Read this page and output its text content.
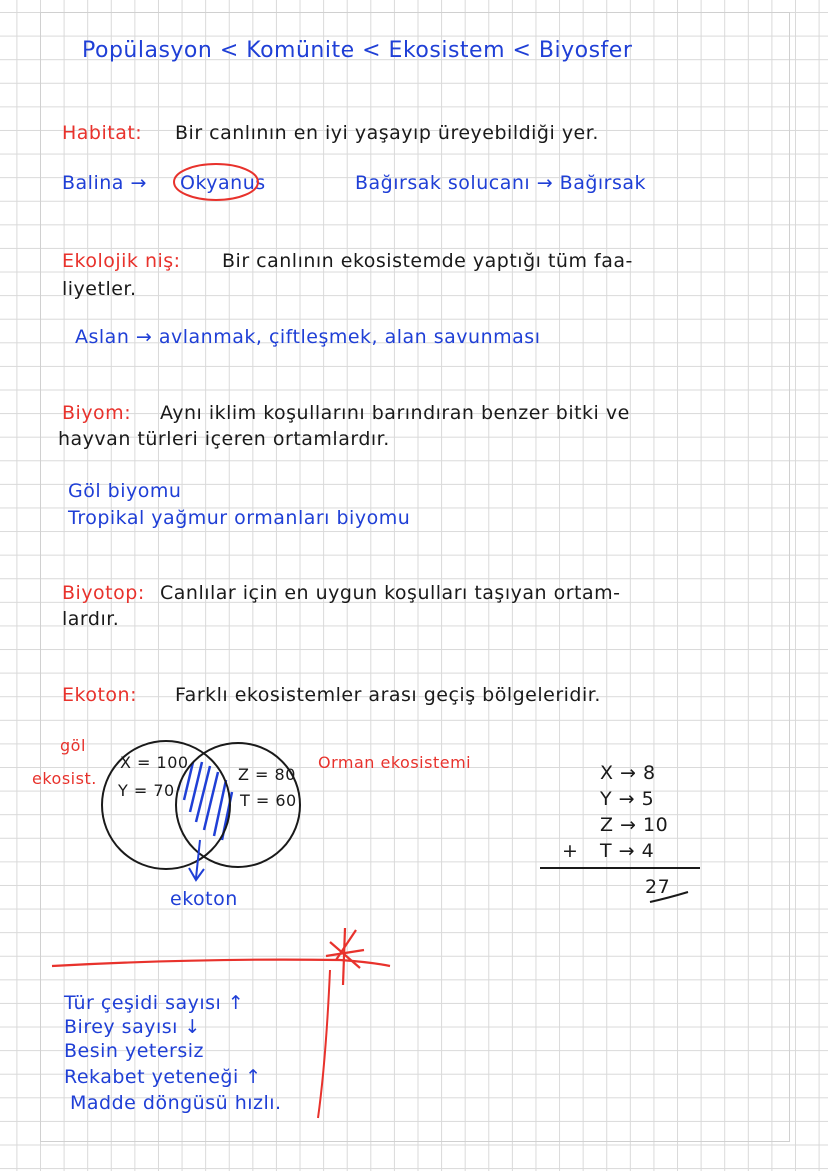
Popülasyon < Komünite < Ekosistem < Biyosfer
Habitat: Bir canlının en iyi yaşayıp üreyebildiği yer.
Balina → Okyanus	Bağırsak solucanı → Bağırsak
Ekolojik niş: Bir canlının ekosistemde yaptığı tüm faa-
liyetler.
Aslan → avlanmak, çiftleşmek, alan savunması
Biyom: Aynı iklim koşullarını barındıran benzer bitki ve
hayvan türleri içeren ortamlardır.
Göl biyomu
Tropikal yağmur ormanları biyomu
Biyotop: Canlılar için en uygun koşulları taşıyan ortam-
lardır.
Ekoton: Farklı ekosistemler arası geçiş bölgeleridir.
göl
ekosist.
Orman ekosistemi
X = 100
Y = 70
Z = 80
T = 60
ekoton
X → 8
Y → 5
Z → 10
T → 4
+
27
Tür çeşidi sayısı ↑
Birey sayısı ↓
Besin yetersiz
Rekabet yeteneği ↑
Madde döngüsü hızlı.
